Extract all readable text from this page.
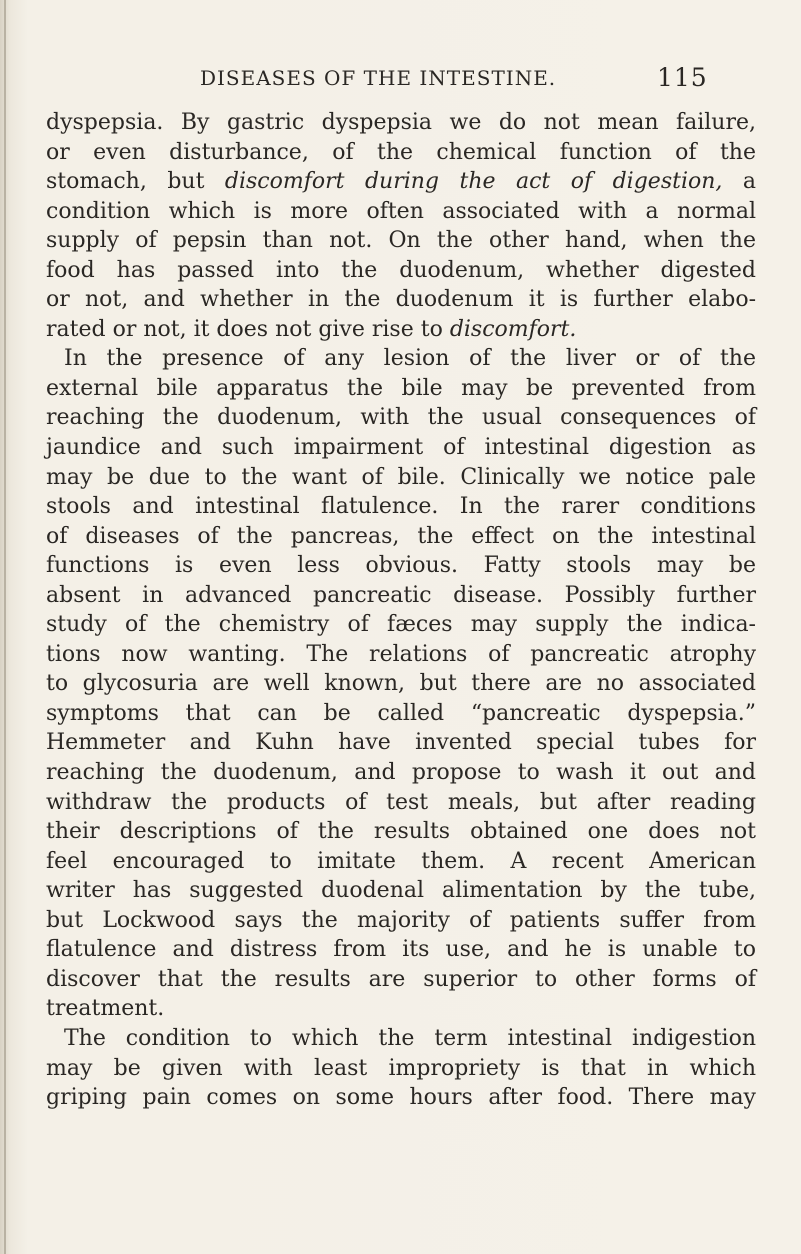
DISEASES OF THE INTESTINE.	115
dyspepsia. By gastric dyspepsia we do not mean failure,
or even disturbance, of the chemical function of the
stomach, but discomfort during the act of digestion, a
condition which is more often associated with a normal
supply of pepsin than not. On the other hand, when the
food has passed into the duodenum, whether digested
or not, and whether in the duodenum it is further elabo-
rated or not, it does not give rise to discomfort.
In the presence of any lesion of the liver or of the
external bile apparatus the bile may be prevented from
reaching the duodenum, with the usual consequences of
jaundice and such impairment of intestinal digestion as
may be due to the want of bile. Clinically we notice pale
stools and intestinal flatulence. In the rarer conditions
of diseases of the pancreas, the effect on the intestinal
functions is even less obvious. Fatty stools may be
absent in advanced pancreatic disease. Possibly further
study of the chemistry of fæces may supply the indica-
tions now wanting. The relations of pancreatic atrophy
to glycosuria are well known, but there are no associated
symptoms that can be called “pancreatic dyspepsia.”
Hemmeter and Kuhn have invented special tubes for
reaching the duodenum, and propose to wash it out and
withdraw the products of test meals, but after reading
their descriptions of the results obtained one does not
feel encouraged to imitate them. A recent American
writer has suggested duodenal alimentation by the tube,
but Lockwood says the majority of patients suffer from
flatulence and distress from its use, and he is unable to
discover that the results are superior to other forms of
treatment.
The condition to which the term intestinal indigestion
may be given with least impropriety is that in which
griping pain comes on some hours after food. There may
